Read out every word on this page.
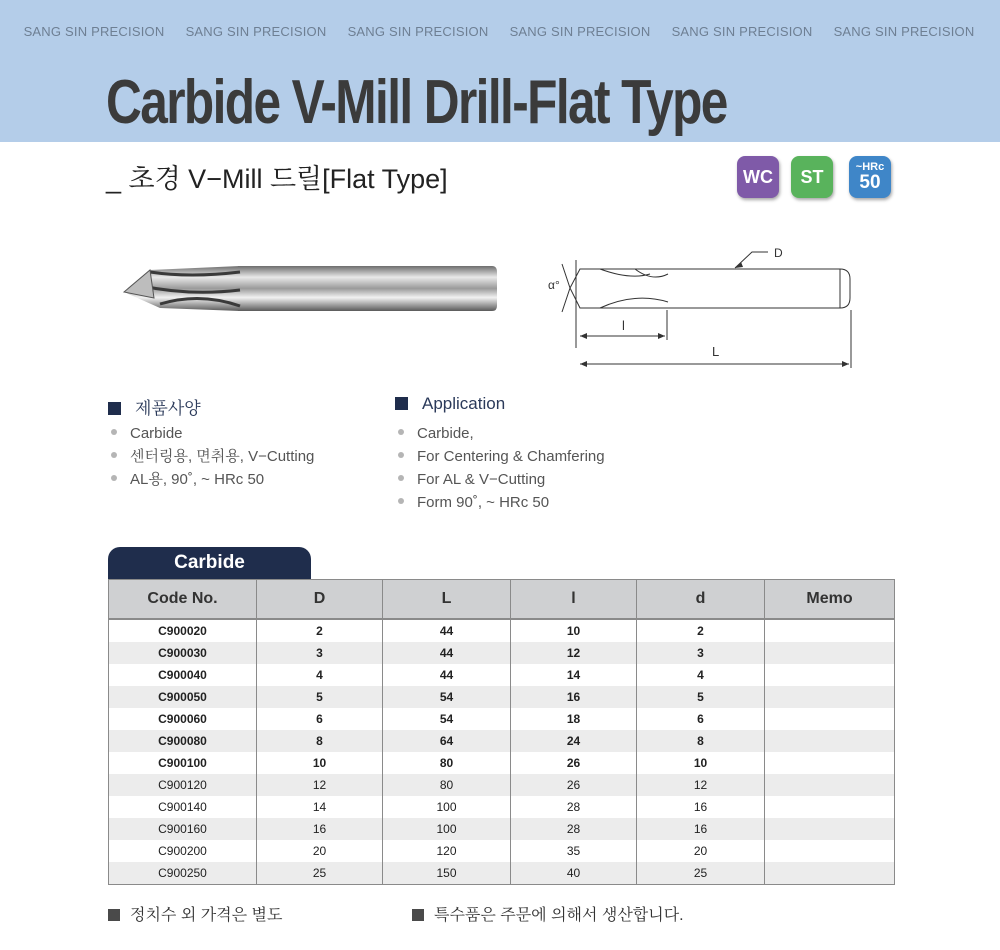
SANG SIN PRECISION	SANG SIN PRECISION	SANG SIN PRECISION	SANG SIN PRECISION	SANG SIN PRECISION	SANG SIN PRECISION
Carbide V-Mill Drill-Flat Type
_ 초경 V−Mill 드릴[Flat Type]	WC	ST	~HRc
50
D
α°
l
L
제품사양
Carbide
센터링용, 면취용, V−Cutting
AL용, 90˚, ~ HRc 50
Application
Carbide,
For Centering & Chamfering
For AL & V−Cutting
Form 90˚, ~ HRc 50
Carbide
Code No.	D	L	l	d	Memo
C900020	2	44	10	2	
C900030	3	44	12	3	
C900040	4	44	14	4	
C900050	5	54	16	5	
C900060	6	54	18	6	
C900080	8	64	24	8	
C900100	10	80	26	10	
C900120	12	80	26	12	
C900140	14	100	28	16	
C900160	16	100	28	16	
C900200	20	120	35	20	
C900250	25	150	40	25	
정치수 외 가격은 별도	특수품은 주문에 의해서 생산합니다.
